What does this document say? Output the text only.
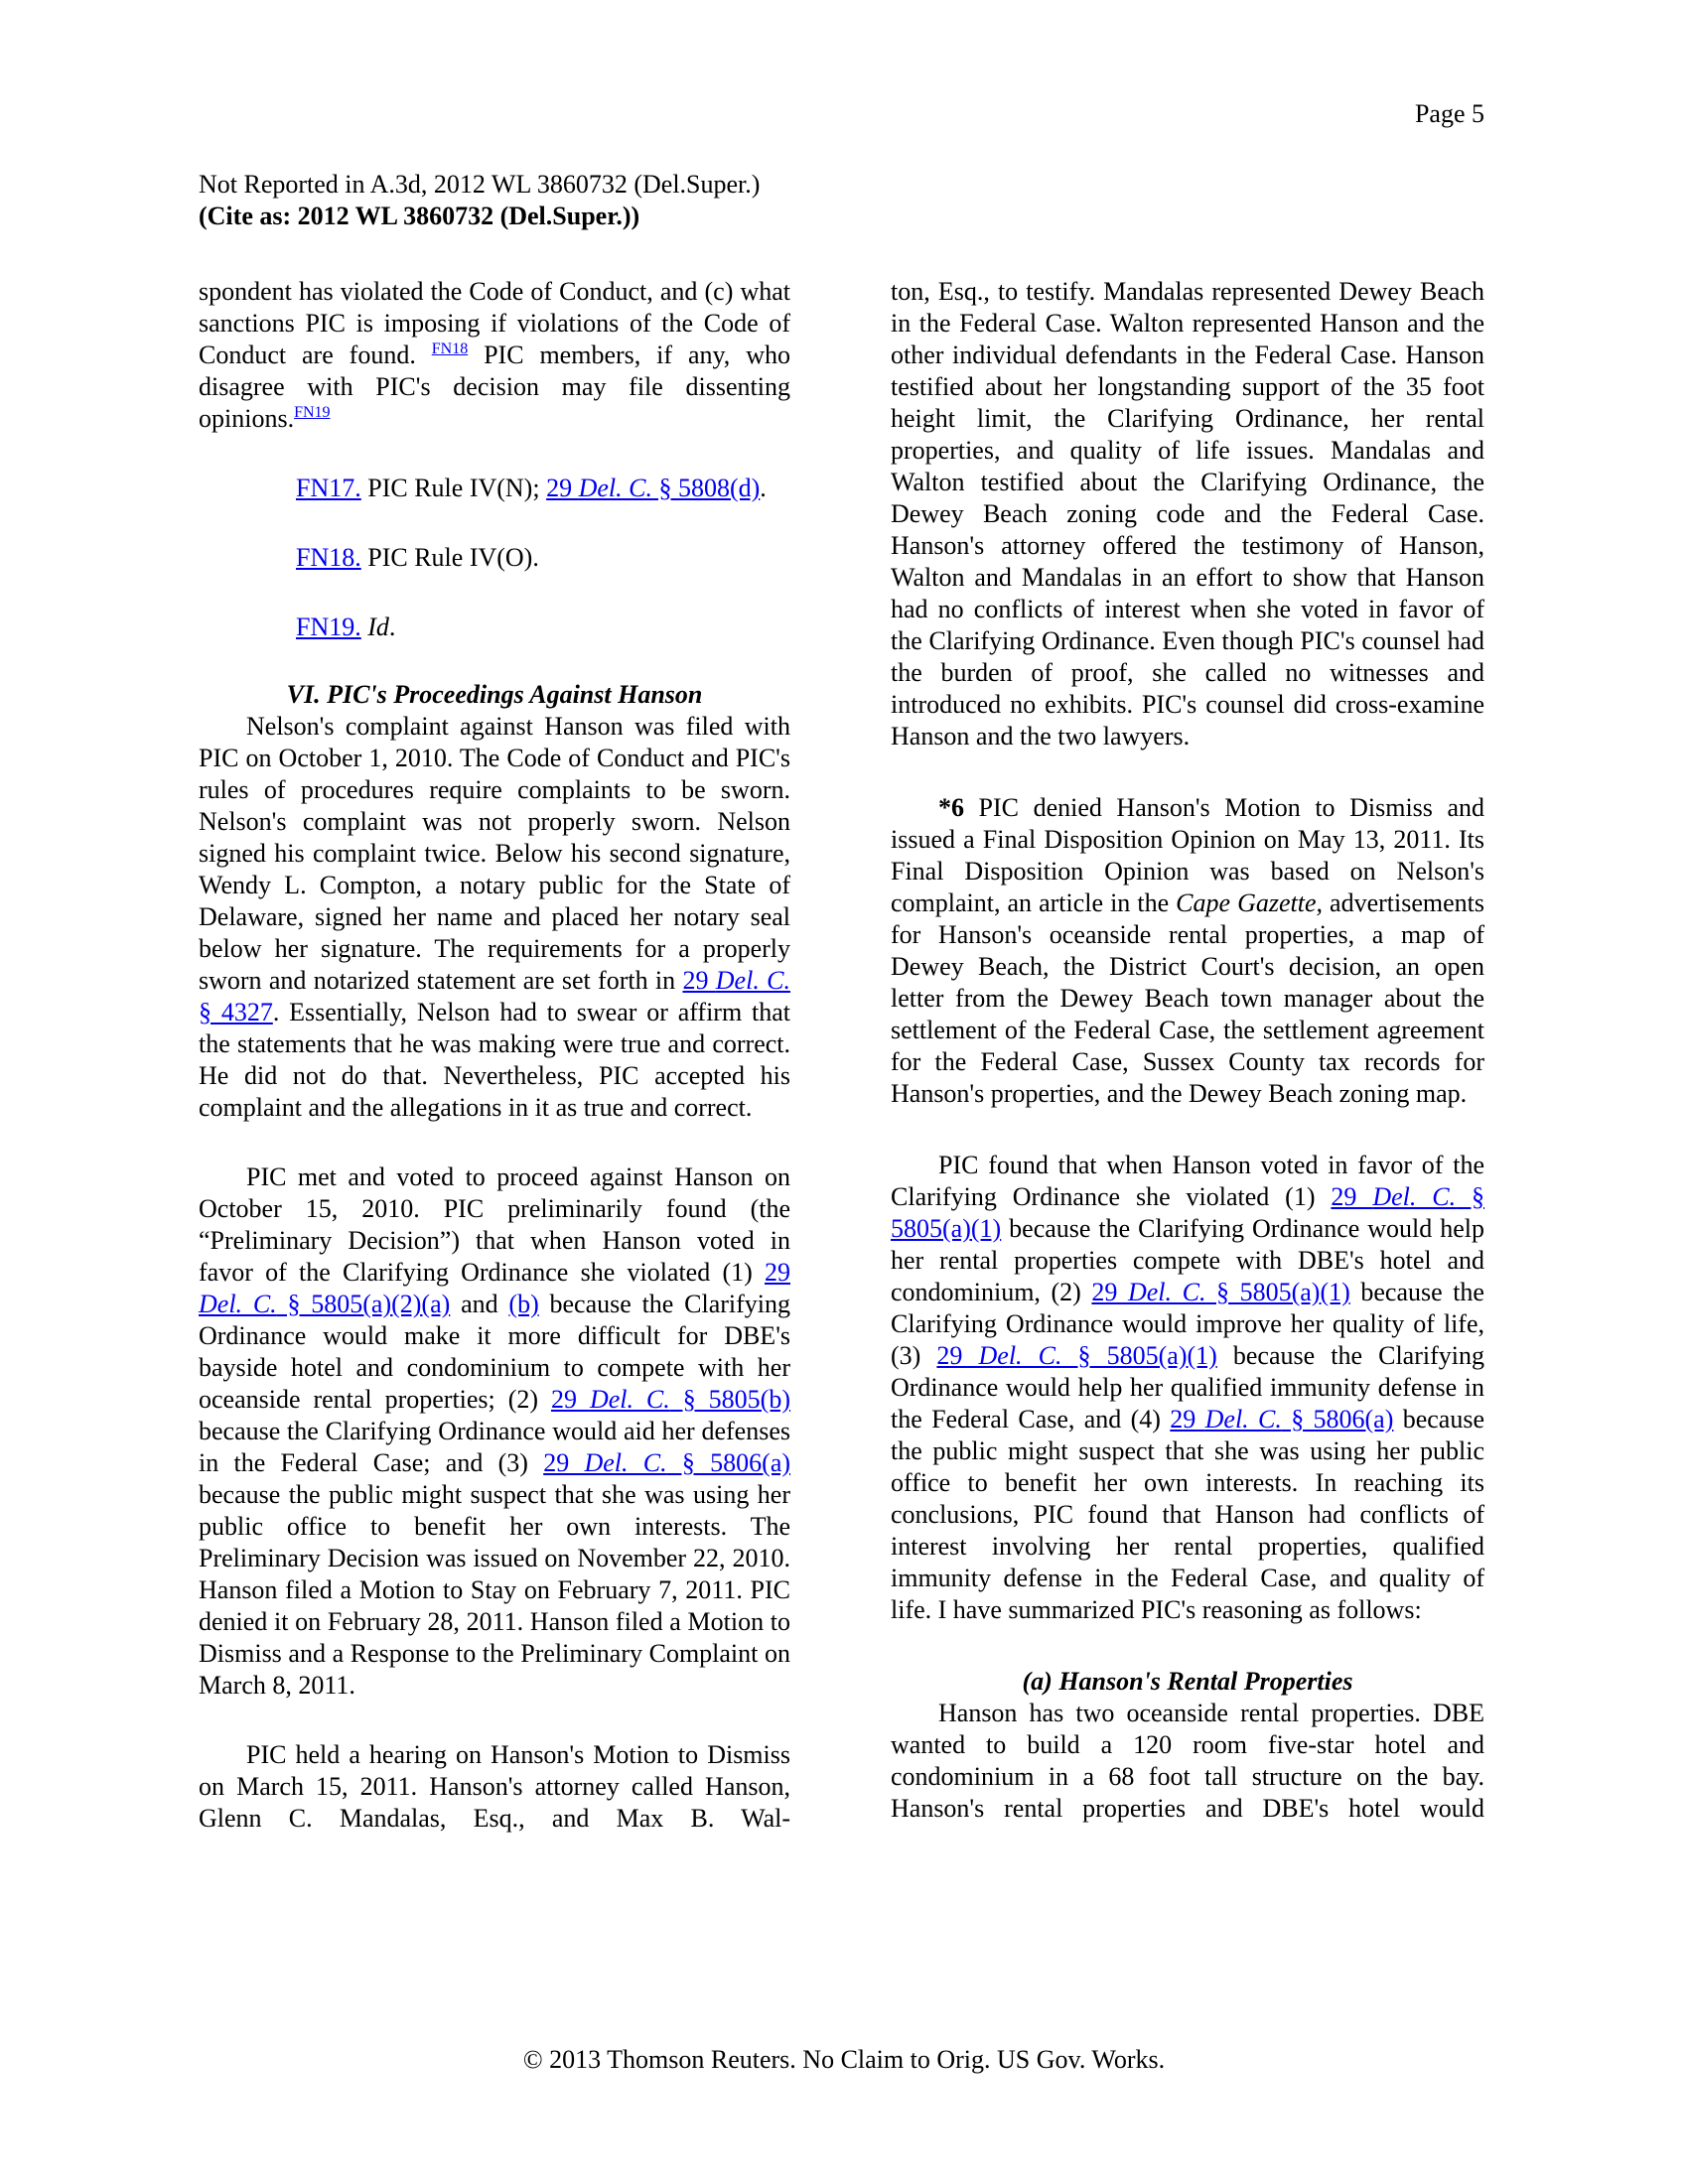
Page 5
Not Reported in A.3d, 2012 WL 3860732 (Del.Super.)
(Cite as: 2012 WL 3860732 (Del.Super.))

spondent has violated the Code of Conduct, and (c) what sanctions PIC is imposing if violations of the Code of Conduct are found. $^{FN18}$ PIC members, if any, who disagree with PIC's decision may file dissenting opinions.$^{FN19}$

FN17. PIC Rule IV(N); 29 Del. C. § 5808(d).

FN18. PIC Rule IV(O).

FN19. Id.

VI. PIC's Proceedings Against Hanson

Nelson's complaint against Hanson was filed with PIC on October 1, 2010. The Code of Conduct and PIC's rules of procedures require complaints to be sworn. Nelson's complaint was not properly sworn. Nelson signed his complaint twice. Below his second signature, Wendy L. Compton, a notary public for the State of Delaware, signed her name and placed her notary seal below her signature. The requirements for a properly sworn and notarized statement are set forth in 29 Del. C. § 4327. Essentially, Nelson had to swear or affirm that the statements that he was making were true and correct. He did not do that. Nevertheless, PIC accepted his complaint and the allegations in it as true and correct.

PIC met and voted to proceed against Hanson on October 15, 2010. PIC preliminarily found (the “Preliminary Decision”) that when Hanson voted in favor of the Clarifying Ordinance she violated (1) 29 Del. C. § 5805(a)(2)(a) and (b) because the Clarifying Ordinance would make it more difficult for DBE's bayside hotel and condominium to compete with her oceanside rental properties; (2) 29 Del. C. § 5805(b) because the Clarifying Ordinance would aid her defenses in the Federal Case; and (3) 29 Del. C. § 5806(a) because the public might suspect that she was using her public office to benefit her own interests. The Preliminary Decision was issued on November 22, 2010. Hanson filed a Motion to Stay on February 7, 2011. PIC denied it on February 28, 2011. Hanson filed a Motion to Dismiss and a Response to the Preliminary Complaint on March 8, 2011.

PIC held a hearing on Hanson's Motion to Dismiss on March 15, 2011. Hanson's attorney called Hanson, Glenn C. Mandalas, Esq., and Max B. Wal-

ton, Esq., to testify. Mandalas represented Dewey Beach in the Federal Case. Walton represented Hanson and the other individual defendants in the Federal Case. Hanson testified about her longstanding support of the 35 foot height limit, the Clarifying Ordinance, her rental properties, and quality of life issues. Mandalas and Walton testified about the Clarifying Ordinance, the Dewey Beach zoning code and the Federal Case. Hanson's attorney offered the testimony of Hanson, Walton and Mandalas in an effort to show that Hanson had no conflicts of interest when she voted in favor of the Clarifying Ordinance. Even though PIC's counsel had the burden of proof, she called no witnesses and introduced no exhibits. PIC's counsel did cross-examine Hanson and the two lawyers.

*6 PIC denied Hanson's Motion to Dismiss and issued a Final Disposition Opinion on May 13, 2011. Its Final Disposition Opinion was based on Nelson's complaint, an article in the Cape Gazette, advertisements for Hanson's oceanside rental properties, a map of Dewey Beach, the District Court's decision, an open letter from the Dewey Beach town manager about the settlement of the Federal Case, the settlement agreement for the Federal Case, Sussex County tax records for Hanson's properties, and the Dewey Beach zoning map.

PIC found that when Hanson voted in favor of the Clarifying Ordinance she violated (1) 29 Del. C. § 5805(a)(1) because the Clarifying Ordinance would help her rental properties compete with DBE's hotel and condominium, (2) 29 Del. C. § 5805(a)(1) because the Clarifying Ordinance would improve her quality of life, (3) 29 Del. C. § 5805(a)(1) because the Clarifying Ordinance would help her qualified immunity defense in the Federal Case, and (4) 29 Del. C. § 5806(a) because the public might suspect that she was using her public office to benefit her own interests. In reaching its conclusions, PIC found that Hanson had conflicts of interest involving her rental properties, qualified immunity defense in the Federal Case, and quality of life. I have summarized PIC's reasoning as follows:

(a) Hanson's Rental Properties

Hanson has two oceanside rental properties. DBE wanted to build a 120 room five-star hotel and condominium in a 68 foot tall structure on the bay. Hanson's rental properties and DBE's hotel would

© 2013 Thomson Reuters. No Claim to Orig. US Gov. Works.
